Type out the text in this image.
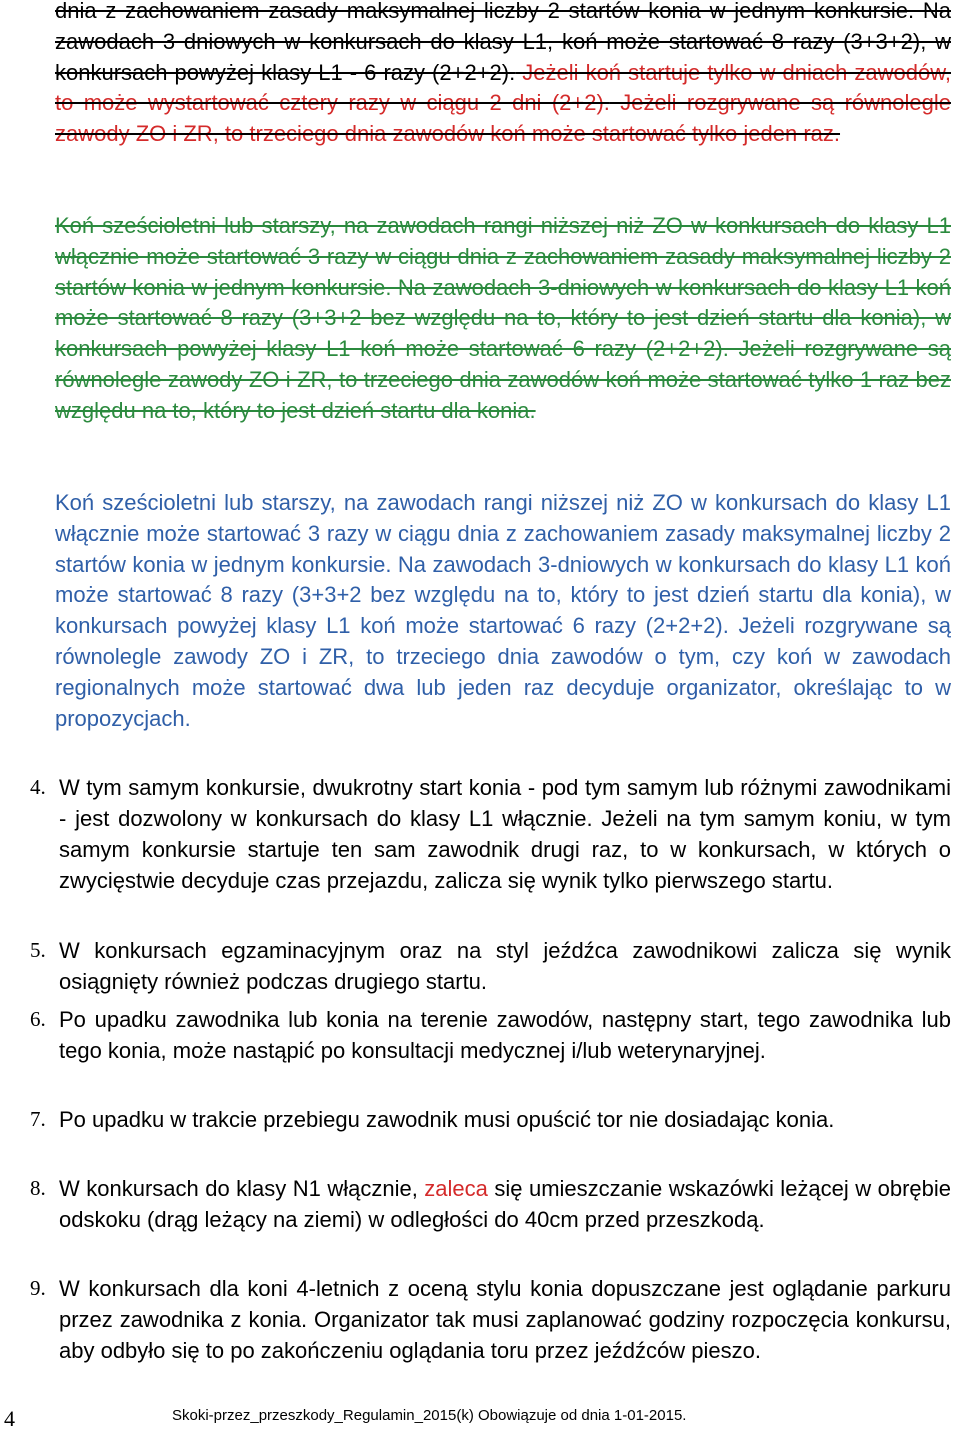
dnia z zachowaniem zasady maksymalnej liczby 2 startów konia w jednym konkursie. Na zawodach 3 dniowych w konkursach do klasy L1, koń może startować 8 razy (3+3+2), w konkursach powyżej klasy L1 - 6 razy (2+2+2). Jeżeli koń startuje tylko w dniach zawodów, to może wystartować cztery razy w ciągu 2 dni (2+2). Jeżeli rozgrywane są równolegle zawody ZO i ZR, to trzeciego dnia zawodów koń może startować tylko jeden raz.
Koń sześcioletni lub starszy, na zawodach rangi niższej niż ZO w konkursach do klasy L1 włącznie może startować 3 razy w ciągu dnia z zachowaniem zasady maksymalnej liczby 2 startów konia w jednym konkursie. Na zawodach 3-dniowych w konkursach do klasy L1 koń może startować 8 razy (3+3+2 bez względu na to, który to jest dzień startu dla konia), w konkursach powyżej klasy L1 koń może startować 6 razy (2+2+2). Jeżeli rozgrywane są równolegle zawody ZO i ZR, to trzeciego dnia zawodów koń może startować tylko 1 raz bez względu na to, który to jest dzień startu dla konia.
Koń sześcioletni lub starszy, na zawodach rangi niższej niż ZO w konkursach do klasy L1 włącznie może startować 3 razy w ciągu dnia z zachowaniem zasady maksymalnej liczby 2 startów konia w jednym konkursie. Na zawodach 3-dniowych w konkursach do klasy L1 koń może startować 8 razy (3+3+2 bez względu na to, który to jest dzień startu dla konia), w konkursach powyżej klasy L1 koń może startować 6 razy (2+2+2). Jeżeli rozgrywane są równolegle zawody ZO i ZR, to trzeciego dnia zawodów o tym, czy koń w zawodach regionalnych może startować dwa lub jeden raz decyduje organizator, określając to w propozycjach.
4. W tym samym konkursie, dwukrotny start konia - pod tym samym lub różnymi zawodnikami - jest dozwolony w konkursach do klasy L1 włącznie. Jeżeli na tym samym koniu, w tym samym konkursie startuje ten sam zawodnik drugi raz, to w konkursach, w których o zwycięstwie decyduje czas przejazdu, zalicza się wynik tylko pierwszego startu.
5. W konkursach egzaminacyjnym oraz na styl jeźdźca zawodnikowi zalicza się wynik osiągnięty również podczas drugiego startu.
6. Po upadku zawodnika lub konia na terenie zawodów, następny start, tego zawodnika lub tego konia, może nastąpić po konsultacji medycznej i/lub weterynaryjnej.
7. Po upadku w trakcie przebiegu zawodnik musi opuścić tor nie dosiadając konia.
8. W konkursach do klasy N1 włącznie, zaleca się umieszczanie wskazówki leżącej w obrębie odskoku (drąg leżący na ziemi) w odległości do 40cm przed przeszkodą.
9. W konkursach dla koni 4-letnich z oceną stylu konia dopuszczane jest oglądanie parkuru przez zawodnika z konia. Organizator tak musi zaplanować godziny rozpoczęcia konkursu, aby odbyło się to po zakończeniu oglądania toru przez jeźdźców pieszo.
4	Skoki-przez_przeszkody_Regulamin_2015(k) Obowiązuje od dnia 1-01-2015.
